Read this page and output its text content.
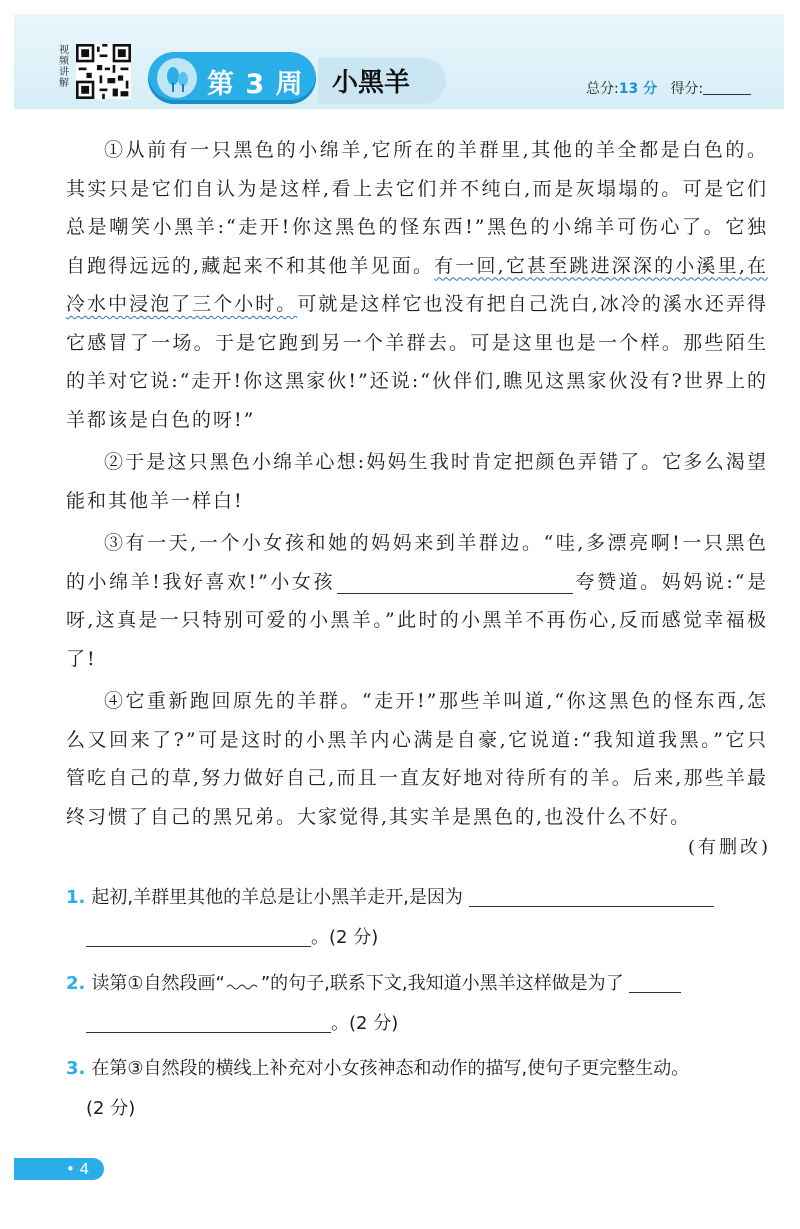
视频讲解	第 3 周 小黑羊	总分:13 分 得分:

①从前有一只黑色的小绵羊,它所在的羊群里,其他的羊全都是白色的。其实只是它们自认为是这样,看上去它们并不纯白,而是灰塌塌的。可是它们总是嘲笑小黑羊:“走开!你这黑色的怪东西!”黑色的小绵羊可伤心了。它独自跑得远远的,藏起来不和其他羊见面。有一回,它甚至跳进深深的小溪里,在冷水中浸泡了三个小时。可就是这样它也没有把自己洗白,冰冷的溪水还弄得它感冒了一场。于是它跑到另一个羊群去。可是这里也是一个样。那些陌生的羊对它说:“走开!你这黑家伙!”还说:“伙伴们,瞧见这黑家伙没有?世界上的羊都该是白色的呀!”

②于是这只黑色小绵羊心想:妈妈生我时肯定把颜色弄错了。它多么渴望能和其他羊一样白!

③有一天,一个小女孩和她的妈妈来到羊群边。“哇,多漂亮啊!一只黑色的小绵羊!我好喜欢!”小女孩	夸赞道。妈妈说:“是呀,这真是一只特别可爱的小黑羊。”此时的小黑羊不再伤心,反而感觉幸福极了!

④它重新跑回原先的羊群。“走开!”那些羊叫道,“你这黑色的怪东西,怎么又回来了?”可是这时的小黑羊内心满是自豪,它说道:“我知道我黑。”它只管吃自己的草,努力做好自己,而且一直友好地对待所有的羊。后来,那些羊最终习惯了自己的黑兄弟。大家觉得,其实羊是黑色的,也没什么不好。

(有删改)
1. 起初,羊群里其他的羊总是让小黑羊走开,是因为
。(2 分)
2. 读第①自然段画“ ”的句子,联系下文,我知道小黑羊这样做是为了
。(2 分)
3. 在第③自然段的横线上补充对小女孩神态和动作的描写,使句子更完整生动。
(2 分)
• 4
